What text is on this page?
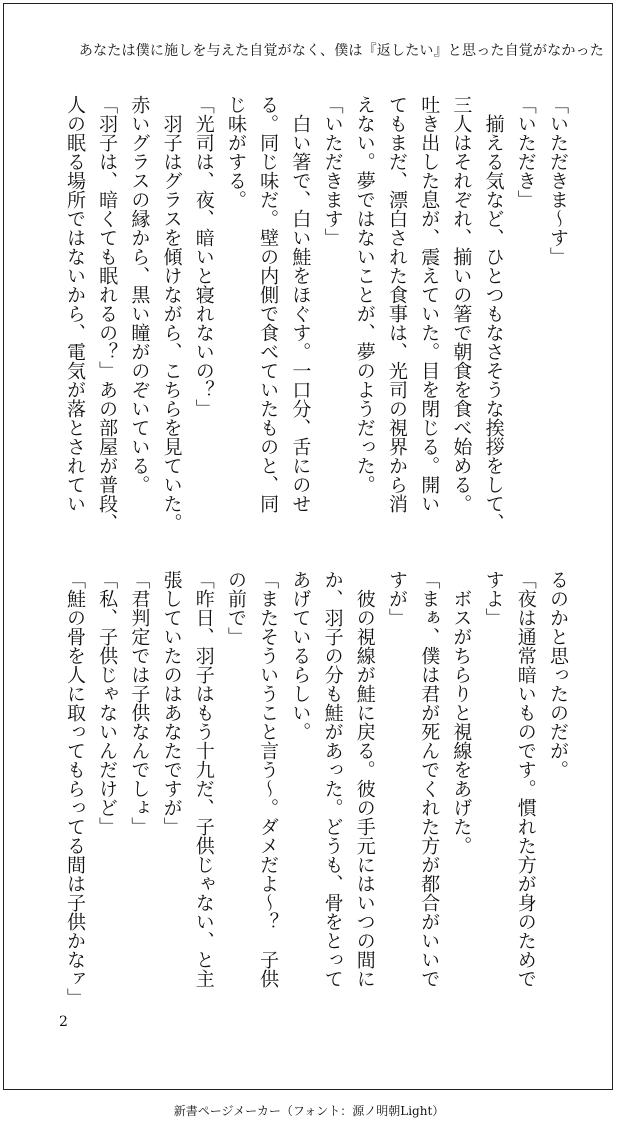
あなたは僕に施しを与えた自覚がなく、僕は『返したい』と思った自覚がなかった
「いただきま〜す」
「いただき」
　揃える気など、ひとつもなさそうな挨拶をして、
三人はそれぞれ、揃いの箸で朝食を食べ始める。
吐き出した息が、震えていた。目を閉じる。開い
てもまだ、漂白された食事は、光司の視界から消
えない。夢ではないことが、夢のようだった。
「いただきます」
　白い箸で、白い鮭をほぐす。一口分、舌にのせ
る。同じ味だ。壁の内側で食べていたものと、同
じ味がする。
「光司は、夜、暗いと寝れないの？」
　羽子はグラスを傾けながら、こちらを見ていた。
赤いグラスの縁から、黒い瞳がのぞいている。
「羽子は、暗くても眠れるの？」あの部屋が普段、
人の眠る場所ではないから、電気が落とされてい
るのかと思ったのだが。
「夜は通常暗いものです。慣れた方が身のためで
すよ」
　ボスがちらりと視線をあげた。
「まぁ、僕は君が死んでくれた方が都合がいいで
すが」
　彼の視線が鮭に戻る。彼の手元にはいつの間に
か、羽子の分も鮭があった。どうも、骨をとって
あげているらしい。
「またそういうこと言う〜。ダメだよ〜？　子供
の前で」
「昨日、羽子はもう十九だ、子供じゃない、と主
張していたのはあなたですが」
「君判定では子供なんでしょ」
「私、子供じゃないんだけど」
「鮭の骨を人に取ってもらってる間は子供かなァ」
2
新書ページメーカー（フォント：源ノ明朝Light）
